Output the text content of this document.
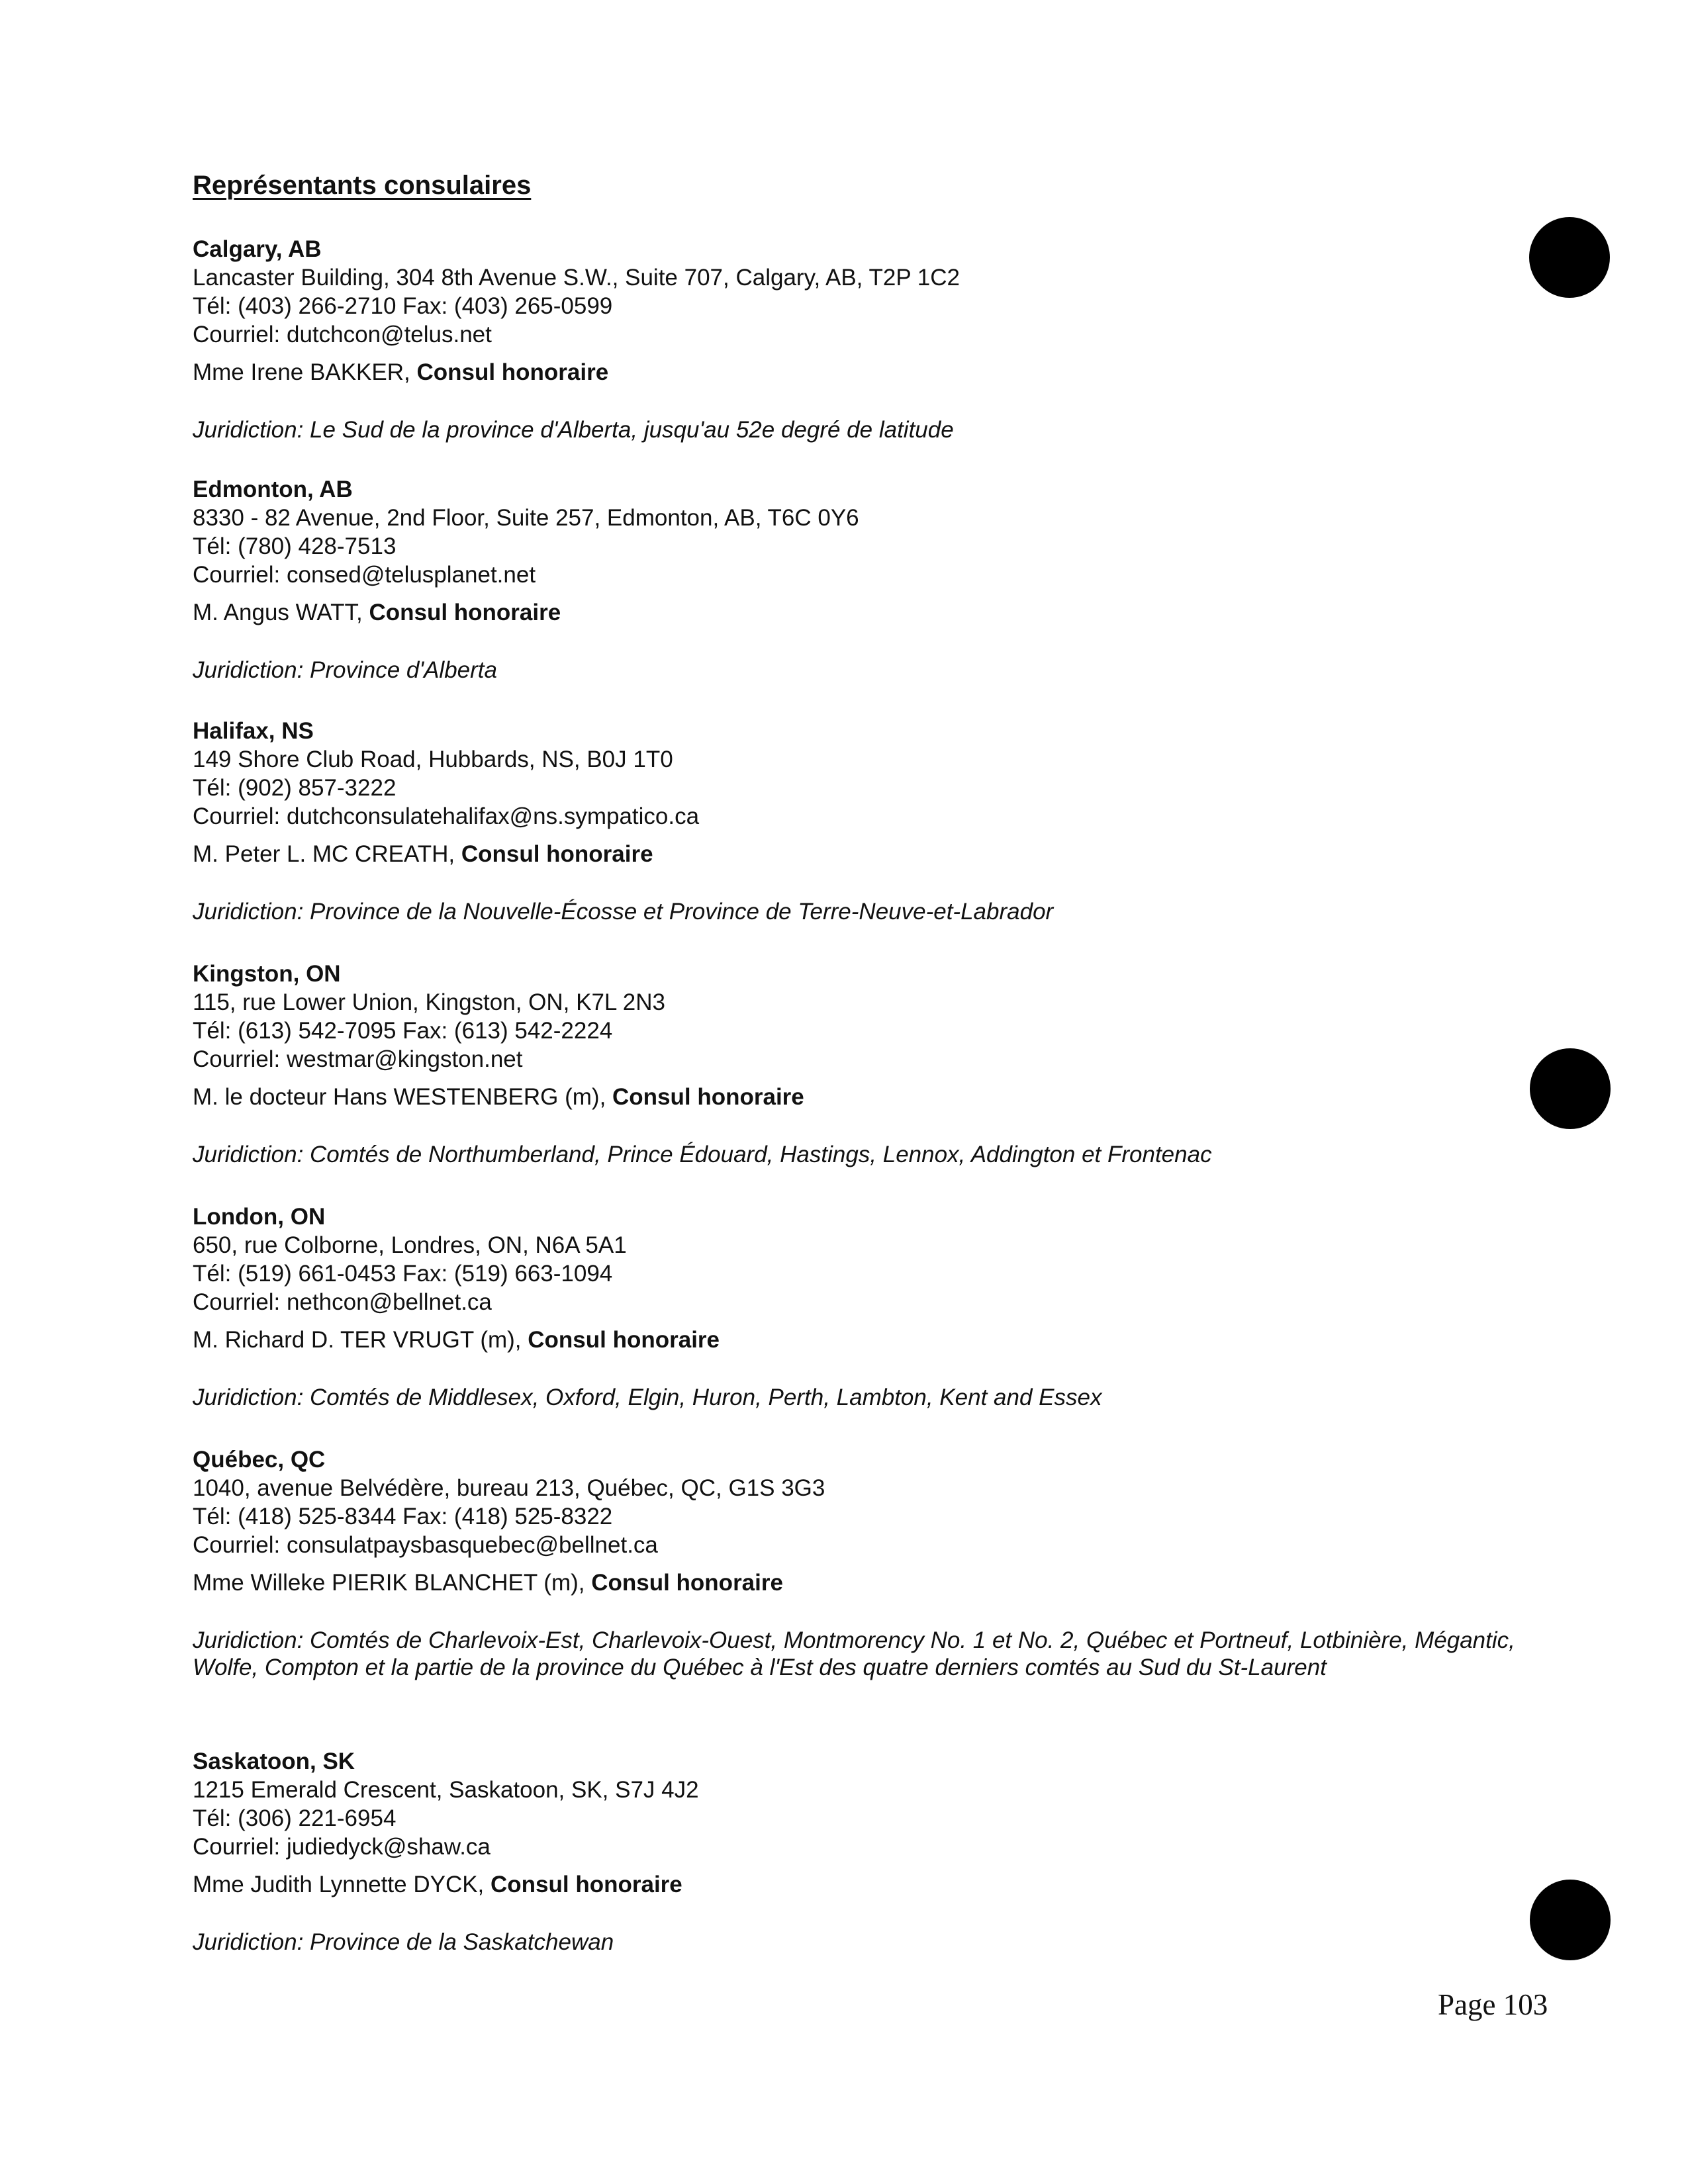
Représentants consulaires
Calgary, AB
Lancaster Building, 304 8th Avenue S.W., Suite 707, Calgary, AB, T2P 1C2
Tél: (403) 266-2710 Fax: (403) 265-0599
Courriel: dutchcon@telus.net
Mme Irene BAKKER, Consul honoraire
Juridiction: Le Sud de la province d'Alberta, jusqu'au 52e degré de latitude
Edmonton, AB
8330 - 82 Avenue, 2nd Floor, Suite 257, Edmonton, AB, T6C 0Y6
Tél: (780) 428-7513
Courriel: consed@telusplanet.net
M. Angus WATT, Consul honoraire
Juridiction: Province d'Alberta
Halifax, NS
149 Shore Club Road, Hubbards, NS, B0J 1T0
Tél: (902) 857-3222
Courriel: dutchconsulatehalifax@ns.sympatico.ca
M. Peter L. MC CREATH, Consul honoraire
Juridiction: Province de la Nouvelle-Écosse et Province de Terre-Neuve-et-Labrador
Kingston, ON
115, rue Lower Union, Kingston, ON, K7L 2N3
Tél: (613) 542-7095 Fax: (613) 542-2224
Courriel: westmar@kingston.net
M. le docteur Hans WESTENBERG (m), Consul honoraire
Juridiction: Comtés de Northumberland, Prince Édouard, Hastings, Lennox, Addington et Frontenac
London, ON
650, rue Colborne, Londres, ON, N6A 5A1
Tél: (519) 661-0453 Fax: (519) 663-1094
Courriel: nethcon@bellnet.ca
M. Richard D. TER VRUGT (m), Consul honoraire
Juridiction: Comtés de Middlesex, Oxford, Elgin, Huron, Perth, Lambton, Kent and Essex
Québec, QC
1040, avenue Belvédère, bureau 213, Québec, QC, G1S 3G3
Tél: (418) 525-8344 Fax: (418) 525-8322
Courriel: consulatpaysbasquebec@bellnet.ca
Mme Willeke PIERIK BLANCHET (m), Consul honoraire
Juridiction: Comtés de Charlevoix-Est, Charlevoix-Ouest, Montmorency No. 1 et No. 2, Québec et Portneuf, Lotbinière, Mégantic, Wolfe, Compton et la partie de la province du Québec à l'Est des quatre derniers comtés au Sud du St-Laurent
Saskatoon, SK
1215 Emerald Crescent, Saskatoon, SK, S7J 4J2
Tél: (306) 221-6954
Courriel: judiedyck@shaw.ca
Mme Judith Lynnette DYCK, Consul honoraire
Juridiction: Province de la Saskatchewan
Page 103
